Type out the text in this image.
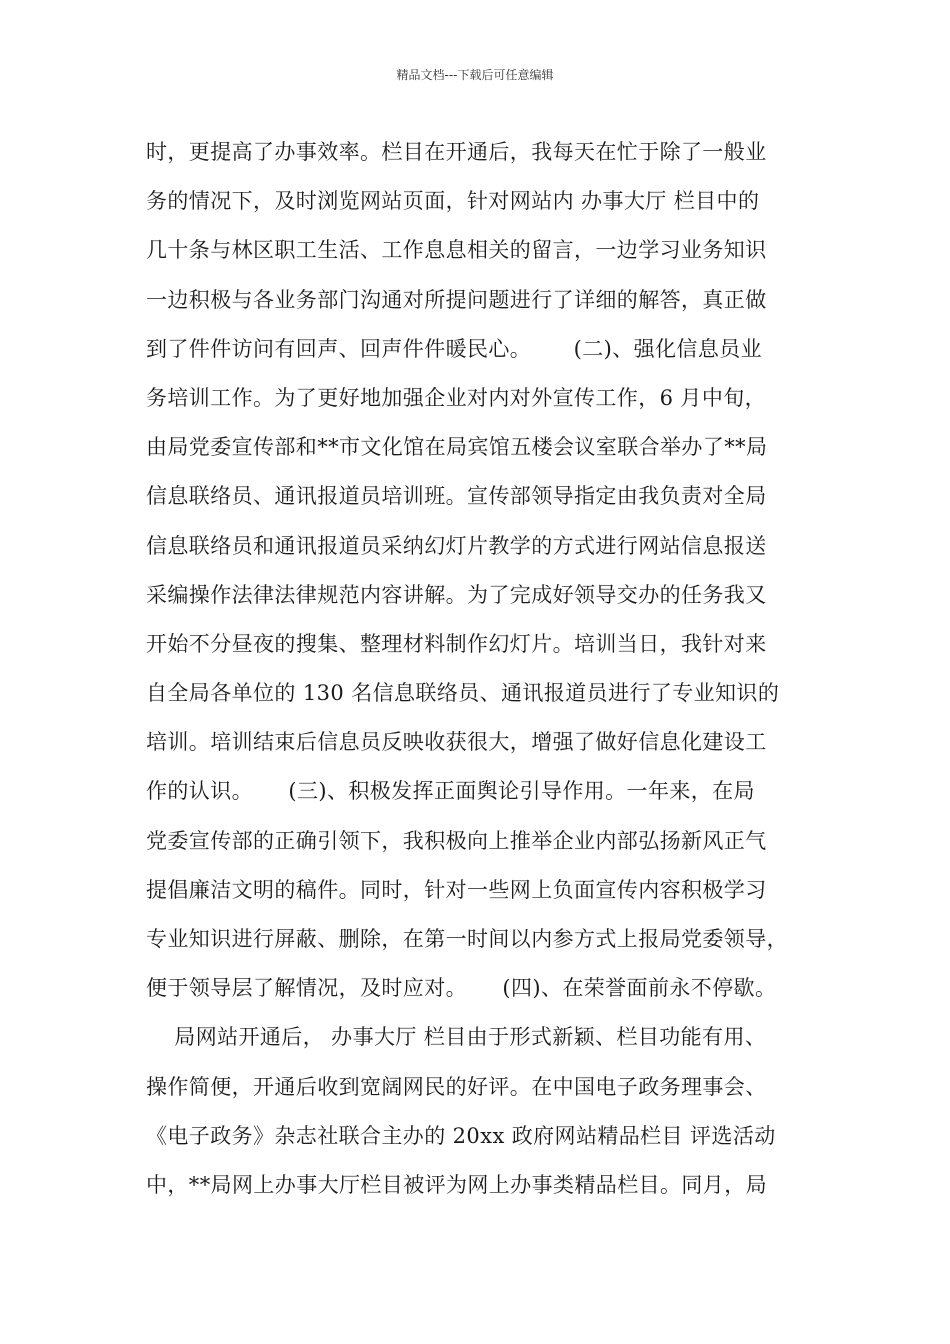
精品文档---下载后可任意编辑
时，更提高了办事效率。栏目在开通后，我每天在忙于除了一般业
务的情况下，及时浏览网站页面，针对网站内 办事大厅 栏目中的
几十条与林区职工生活、工作息息相关的留言，一边学习业务知识
一边积极与各业务部门沟通对所提问题进行了详细的解答，真正做
到了件件访问有回声、回声件件暖民心。      (二)、强化信息员业
务培训工作。为了更好地加强企业对内对外宣传工作，6 月中旬，
由局党委宣传部和**市文化馆在局宾馆五楼会议室联合举办了**局
信息联络员、通讯报道员培训班。宣传部领导指定由我负责对全局
信息联络员和通讯报道员采纳幻灯片教学的方式进行网站信息报送
采编操作法律法律规范内容讲解。为了完成好领导交办的任务我又
开始不分昼夜的搜集、整理材料制作幻灯片。培训当日，我针对来
自全局各单位的 130 名信息联络员、通讯报道员进行了专业知识的
培训。培训结束后信息员反映收获很大，增强了做好信息化建设工
作的认识。     (三)、积极发挥正面舆论引导作用。一年来，在局
党委宣传部的正确引领下，我积极向上推举企业内部弘扬新风正气
提倡廉洁文明的稿件。同时，针对一些网上负面宣传内容积极学习
专业知识进行屏蔽、删除，在第一时间以内参方式上报局党委领导，
便于领导层了解情况，及时应对。     (四)、在荣誉面前永不停歇。
局网站开通后， 办事大厅 栏目由于形式新颖、栏目功能有用、
操作简便，开通后收到宽阔网民的好评。在中国电子政务理事会、
《电子政务》杂志社联合主办的 20xx 政府网站精品栏目 评选活动
中，**局网上办事大厅栏目被评为网上办事类精品栏目。同月，局
